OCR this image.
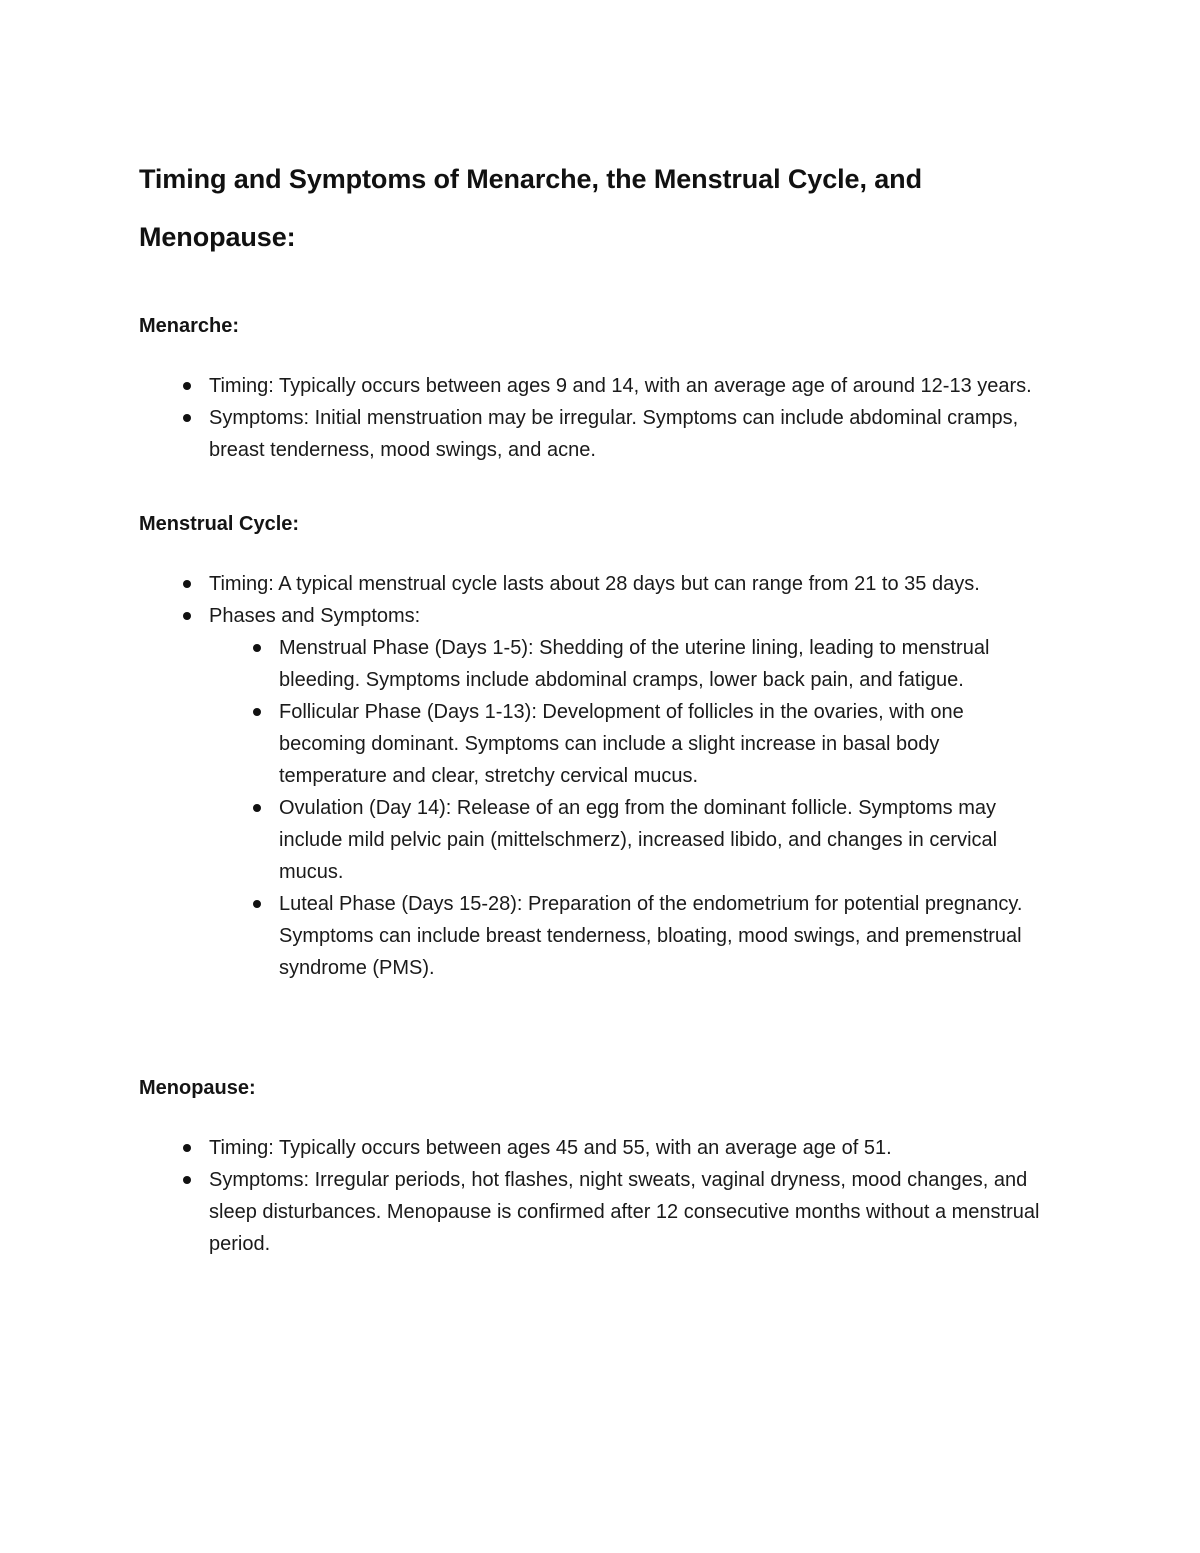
Timing and Symptoms of Menarche, the Menstrual Cycle, and Menopause:
Menarche:
Timing: Typically occurs between ages 9 and 14, with an average age of around 12-13 years.
Symptoms: Initial menstruation may be irregular. Symptoms can include abdominal cramps, breast tenderness, mood swings, and acne.
Menstrual Cycle:
Timing: A typical menstrual cycle lasts about 28 days but can range from 21 to 35 days.
Phases and Symptoms:
Menstrual Phase (Days 1-5): Shedding of the uterine lining, leading to menstrual bleeding. Symptoms include abdominal cramps, lower back pain, and fatigue.
Follicular Phase (Days 1-13): Development of follicles in the ovaries, with one becoming dominant. Symptoms can include a slight increase in basal body temperature and clear, stretchy cervical mucus.
Ovulation (Day 14): Release of an egg from the dominant follicle. Symptoms may include mild pelvic pain (mittelschmerz), increased libido, and changes in cervical mucus.
Luteal Phase (Days 15-28): Preparation of the endometrium for potential pregnancy. Symptoms can include breast tenderness, bloating, mood swings, and premenstrual syndrome (PMS).
Menopause:
Timing: Typically occurs between ages 45 and 55, with an average age of 51.
Symptoms: Irregular periods, hot flashes, night sweats, vaginal dryness, mood changes, and sleep disturbances. Menopause is confirmed after 12 consecutive months without a menstrual period.
